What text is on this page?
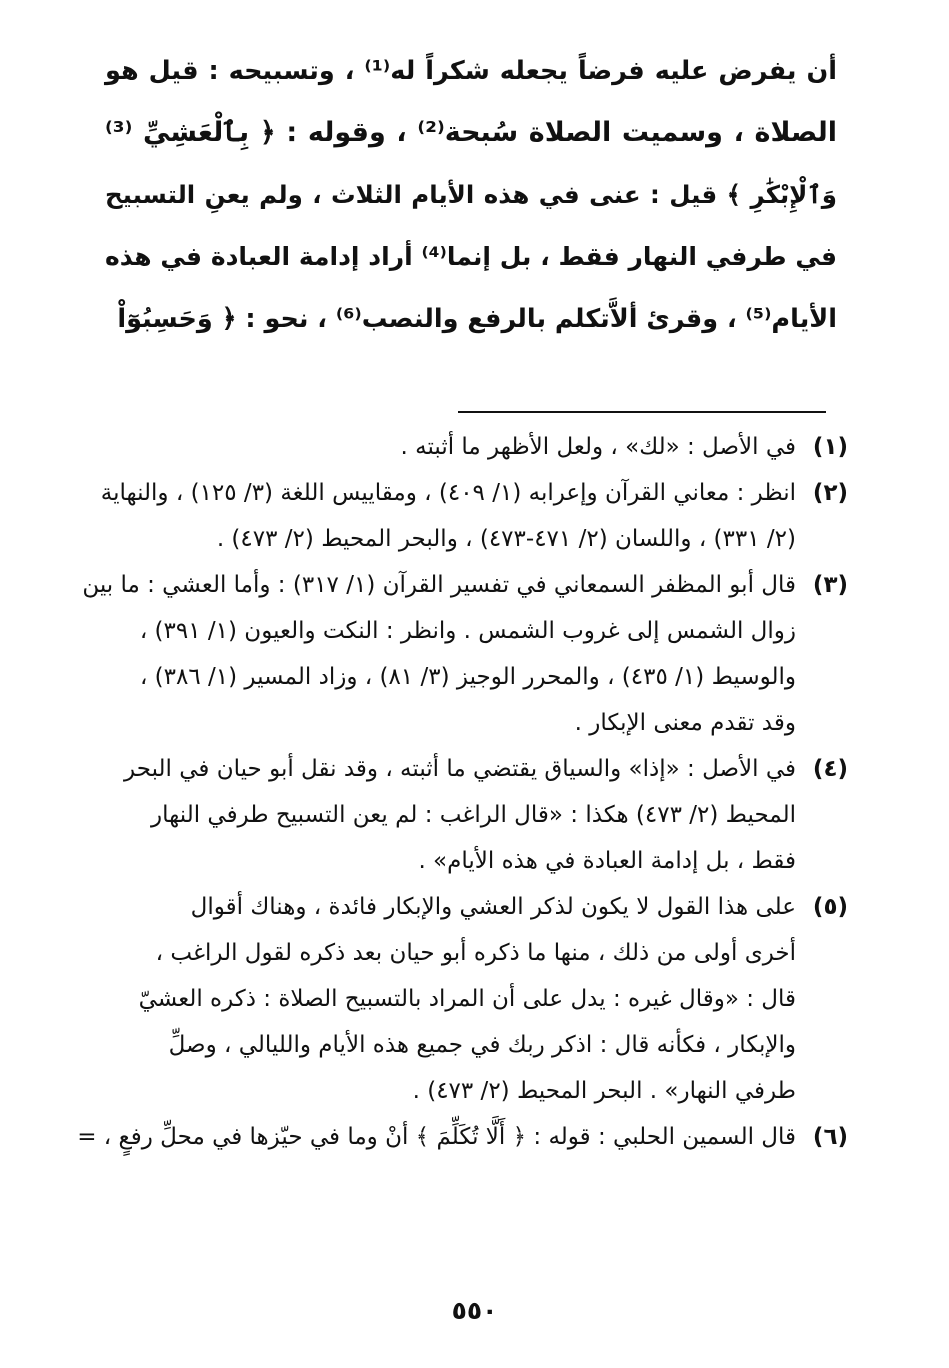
أن يفرض عليه فرضاً يجعله شكراً له⁽¹⁾ ، وتسبيحه : قيل هو
الصلاة ، وسميت الصلاة سُبحة⁽²⁾ ، وقوله : ﴿ بِٱلْعَشِيِّ ⁽³⁾
وَٱلْإِبْكَٰرِ ﴾ قيل : عنى في هذه الأيام الثلاث ، ولم يعنِ التسبيح
في طرفي النهار فقط ، بل إنما⁽⁴⁾ أراد إدامة العبادة في هذه
الأيام⁽⁵⁾ ، وقرئ ألاَّتكلم بالرفع والنصب⁽⁶⁾ ، نحو : ﴿ وَحَسِبُوٓاْ
(١)
في الأصل : «لك» ، ولعل الأظهر ما أثبته .
(٢)
انظر : معاني القرآن وإعرابه (١/ ٤٠٩) ، ومقاييس اللغة (٣/ ١٢٥) ، والنهاية
(٢/ ٣٣١) ، واللسان (٢/ ٤٧١-٤٧٣) ، والبحر المحيط (٢/ ٤٧٣) .
(٣)
قال أبو المظفر السمعاني في تفسير القرآن (١/ ٣١٧) : وأما العشي : ما بين
زوال الشمس إلى غروب الشمس . وانظر : النكت والعيون (١/ ٣٩١) ،
والوسيط (١/ ٤٣٥) ، والمحرر الوجيز (٣/ ٨١) ، وزاد المسير (١/ ٣٨٦) ،
وقد تقدم معنى الإبكار .
(٤)
في الأصل : «إذا» والسياق يقتضي ما أثبته ، وقد نقل أبو حيان في البحر
المحيط (٢/ ٤٧٣) هكذا : «قال الراغب : لم يعن التسبيح طرفي النهار
فقط ، بل إدامة العبادة في هذه الأيام» .
(٥)
على هذا القول لا يكون لذكر العشي والإبكار فائدة ، وهناك أقوال
أخرى أولى من ذلك ، منها ما ذكره أبو حيان بعد ذكره لقول الراغب ،
قال : «وقال غيره : يدل على أن المراد بالتسبيح الصلاة : ذكره العشيّ
والإبكار ، فكأنه قال : اذكر ربك في جميع هذه الأيام والليالي ، وصلِّ
طرفي النهار» . البحر المحيط (٢/ ٤٧٣) .
(٦)
قال السمين الحلبي : قوله : ﴿ أَلَّا تُكَلِّمَ ﴾ أنْ وما في حيّزها في محلِّ رفعٍ ، =
٥٥٠
